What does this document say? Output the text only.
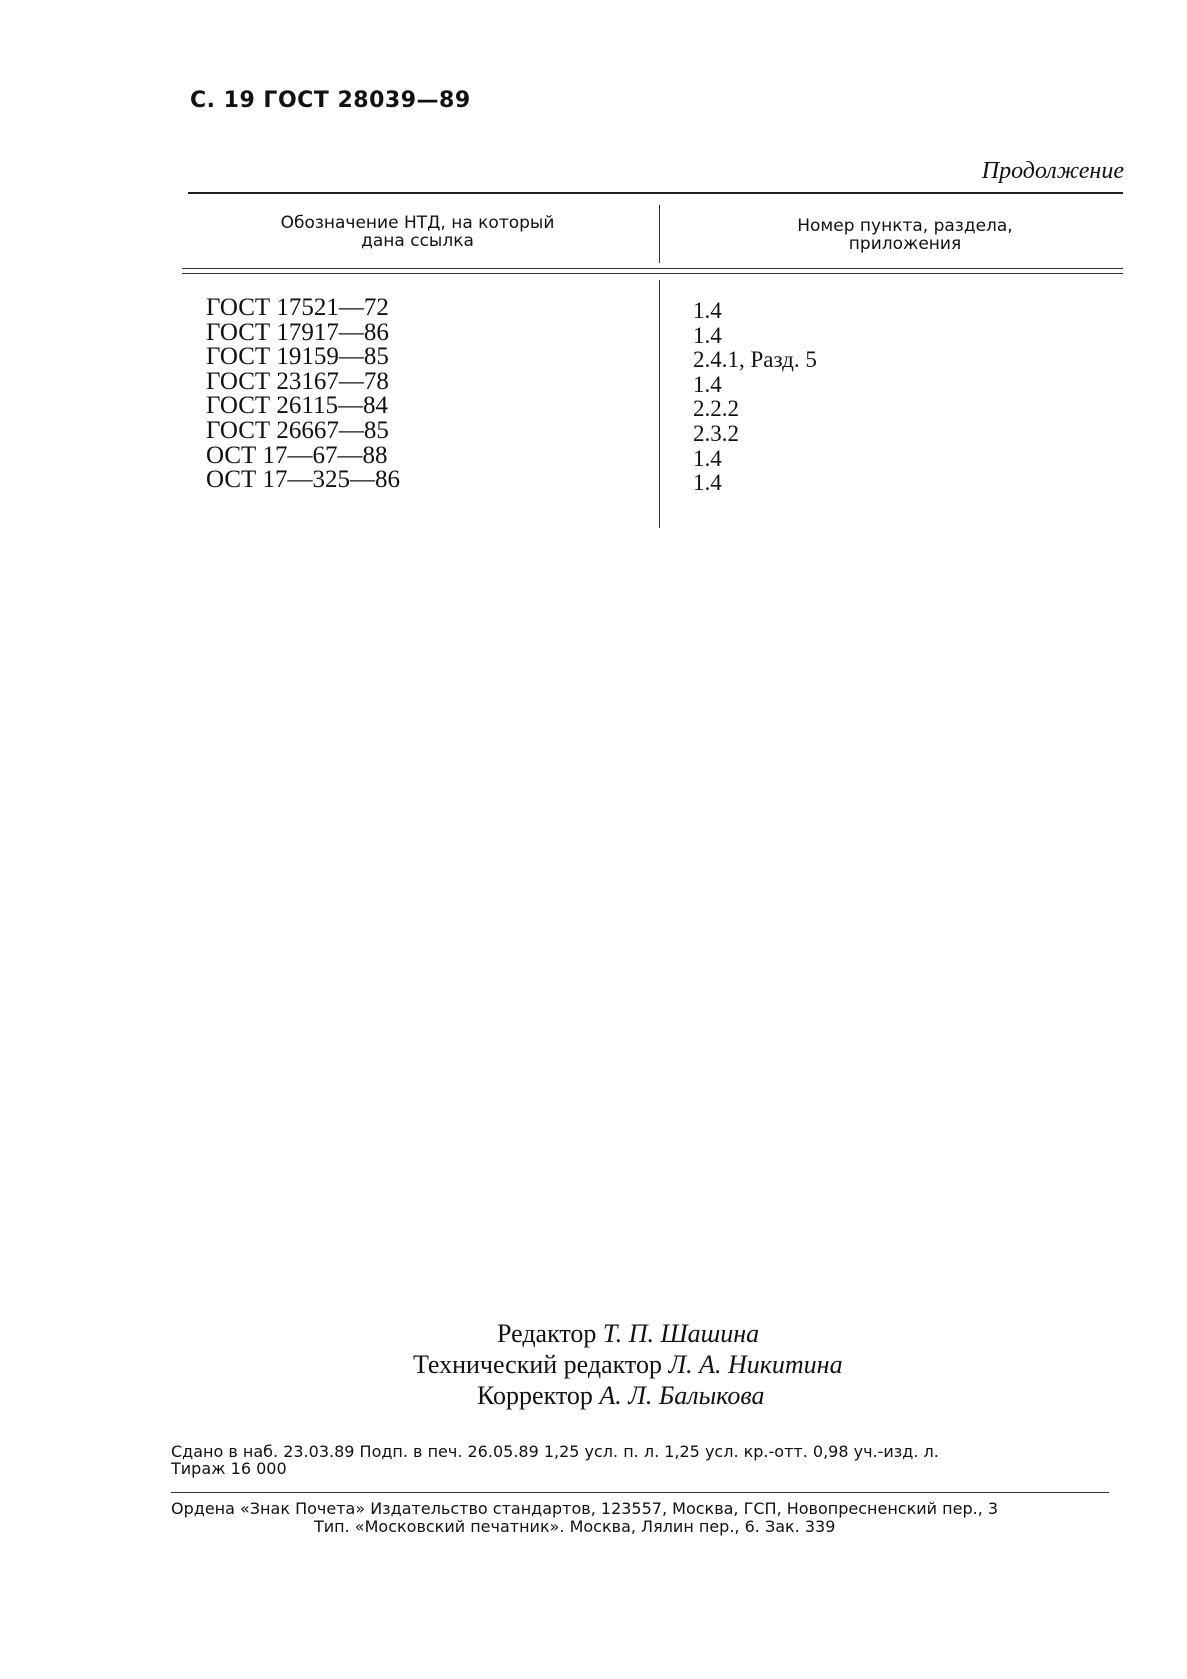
С. 19 ГОСТ 28039—89
Продолжение
Обозначение НТД, на который
дана ссылка
Номер пункта, раздела,
приложения
ГОСТ 17521—72
ГОСТ 17917—86
ГОСТ 19159—85
ГОСТ 23167—78
ГОСТ 26115—84
ГОСТ 26667—85
ОСТ 17—67—88
ОСТ 17—325—86
1.4
1.4
2.4.1, Разд. 5
1.4
2.2.2
2.3.2
1.4
1.4
Редактор Т. П. Шашина
Технический редактор Л. А. Никитина
Корректор А. Л. Балыкова
Сдано в наб. 23.03.89 Подп. в печ. 26.05.89 1,25 усл. п. л. 1,25 усл. кр.-отт. 0,98 уч.-изд. л.
Тираж 16 000
Ордена «Знак Почета» Издательство стандартов, 123557, Москва, ГСП, Новопресненский пер., 3
Тип. «Московский печатник». Москва, Лялин пер., 6. Зак. 339
